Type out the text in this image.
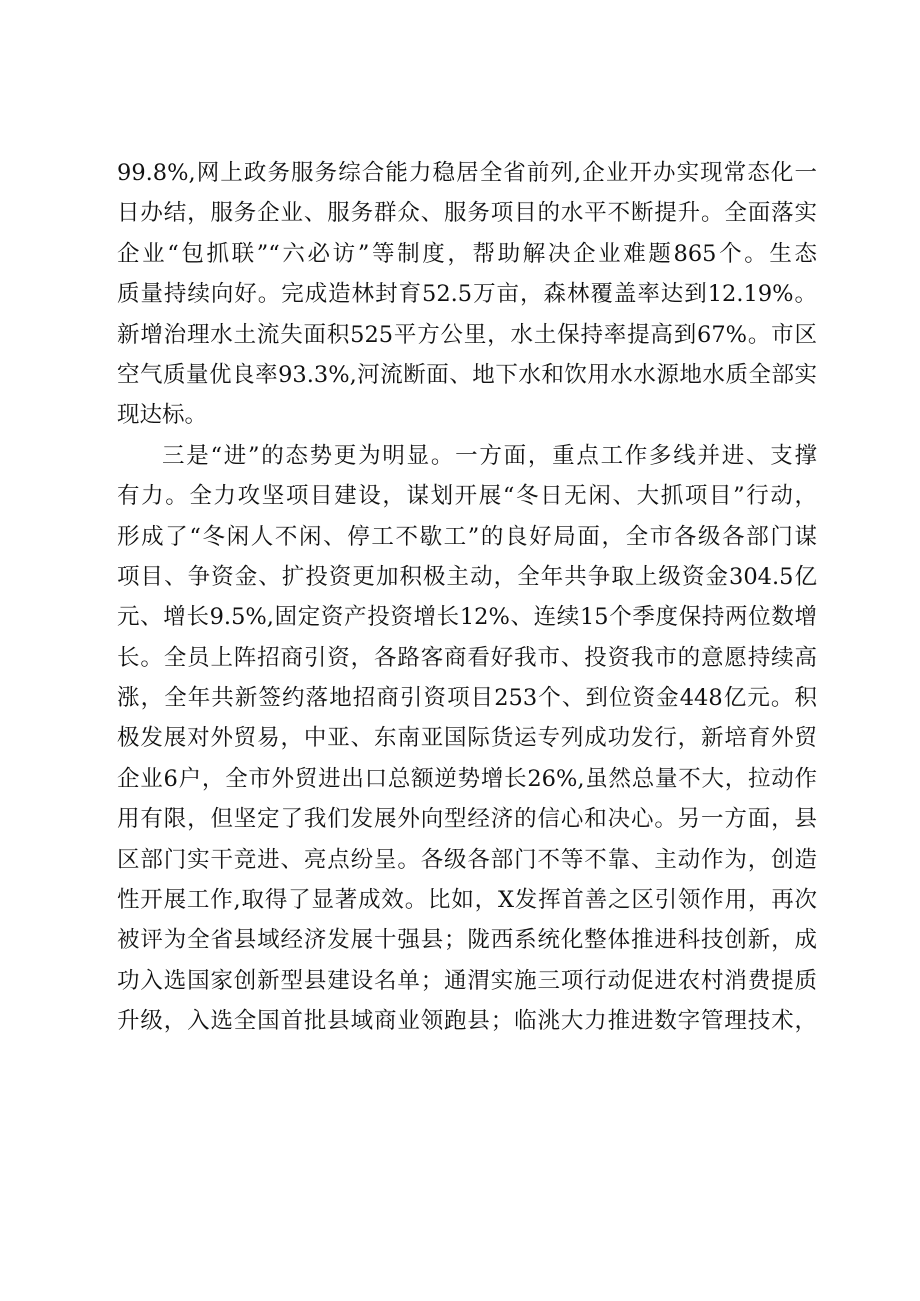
99.8%,网上政务服务综合能力稳居全省前列,企业开办实现常态化一
日办结，服务企业、服务群众、服务项目的水平不断提升。全面落实
企业“包抓联”“六必访”等制度，帮助解决企业难题865个。生态
质量持续向好。完成造林封育52.5万亩，森林覆盖率达到12.19%。
新增治理水土流失面积525平方公里，水土保持率提高到67%。市区
空气质量优良率93.3%,河流断面、地下水和饮用水水源地水质全部实
现达标。
三是“进”的态势更为明显。一方面，重点工作多线并进、支撑
有力。全力攻坚项目建设，谋划开展“冬日无闲、大抓项目”行动，
形成了“冬闲人不闲、停工不歇工”的良好局面，全市各级各部门谋
项目、争资金、扩投资更加积极主动，全年共争取上级资金304.5亿
元、增长9.5%,固定资产投资增长12%、连续15个季度保持两位数增
长。全员上阵招商引资，各路客商看好我市、投资我市的意愿持续高
涨，全年共新签约落地招商引资项目253个、到位资金448亿元。积
极发展对外贸易，中亚、东南亚国际货运专列成功发行，新培育外贸
企业6户，全市外贸进出口总额逆势增长26%,虽然总量不大，拉动作
用有限，但坚定了我们发展外向型经济的信心和决心。另一方面，县
区部门实干竞进、亮点纷呈。各级各部门不等不靠、主动作为，创造
性开展工作,取得了显著成效。比如，X发挥首善之区引领作用，再次
被评为全省县域经济发展十强县；陇西系统化整体推进科技创新，成
功入选国家创新型县建设名单；通渭实施三项行动促进农村消费提质
升级，入选全国首批县域商业领跑县；临洮大力推进数字管理技术，
